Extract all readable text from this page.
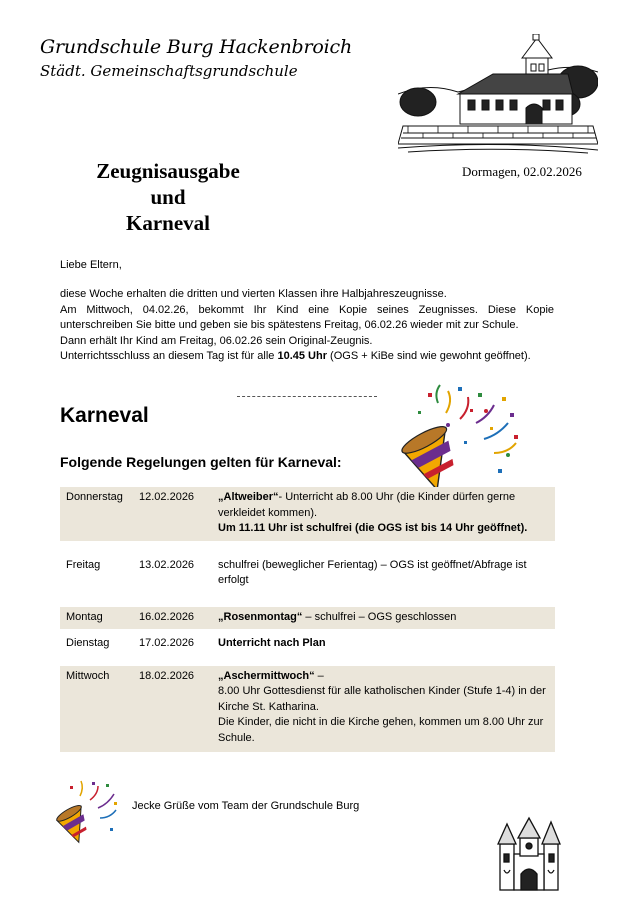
Grundschule Burg Hackenbroich
Städt. Gemeinschaftsgrundschule
Zeugnisausgabe
und
Karneval
Dormagen, 02.02.2026
Liebe Eltern,

diese Woche erhalten die dritten und vierten Klassen ihre Halbjahreszeugnisse.

Am Mittwoch, 04.02.26, bekommt Ihr Kind eine Kopie seines Zeugnisses. Diese Kopie unterschreiben Sie bitte und geben sie bis spätestens Freitag, 06.02.26 wieder mit zur Schule.

Dann erhält Ihr Kind am Freitag, 06.02.26 sein Original-Zeugnis.

Unterrichtsschluss an diesem Tag ist für alle 10.45 Uhr (OGS + KiBe sind wie gewohnt geöffnet).

Karneval
Folgende Regelungen gelten für Karneval:
Donnerstag	12.02.2026	„Altweiber“- Unterricht ab 8.00 Uhr (die Kinder dürfen gerne verkleidet kommen).
Um 11.11 Uhr ist schulfrei (die OGS ist bis 14 Uhr geöffnet).
Freitag	13.02.2026	schulfrei (beweglicher Ferientag) – OGS ist geöffnet/Abfrage ist erfolgt
Montag	16.02.2026	„Rosenmontag“ – schulfrei – OGS geschlossen
Dienstag	17.02.2026	Unterricht nach Plan
Mittwoch	18.02.2026	„Aschermittwoch“ –
8.00 Uhr Gottesdienst für alle katholischen Kinder (Stufe 1-4) in der Kirche St. Katharina.
Die Kinder, die nicht in die Kirche gehen, kommen um 8.00 Uhr zur Schule.
Jecke Grüße vom Team der Grundschule Burg
